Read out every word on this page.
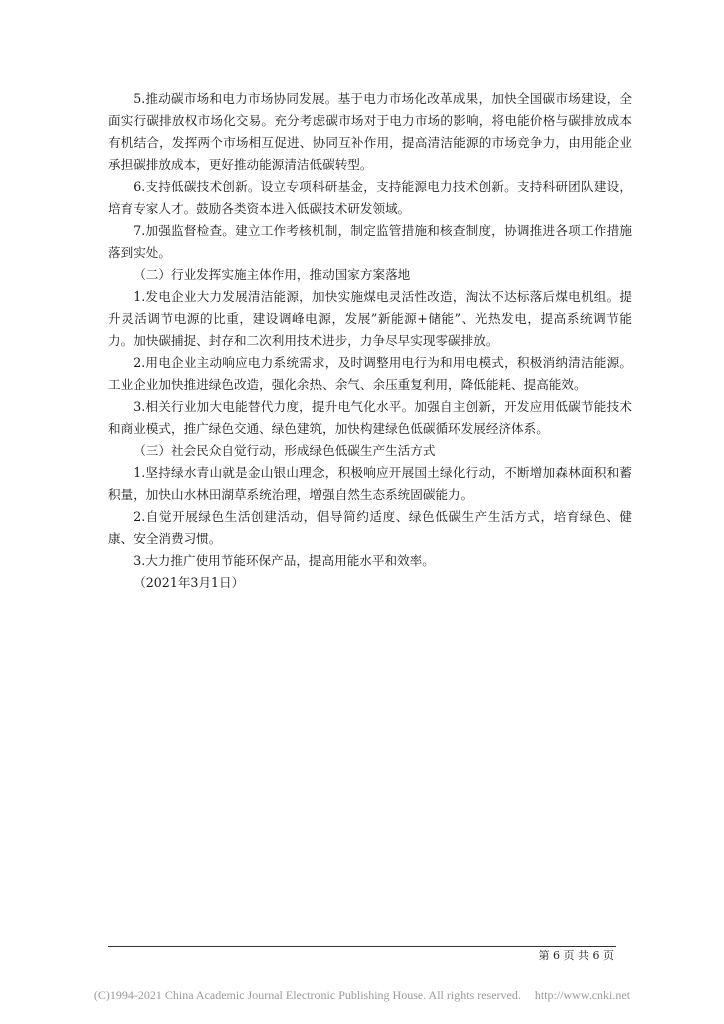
5.推动碳市场和电力市场协同发展。基于电力市场化改革成果，加快全国碳市场建设，全面实行碳排放权市场化交易。充分考虑碳市场对于电力市场的影响，将电能价格与碳排放成本有机结合，发挥两个市场相互促进、协同互补作用，提高清洁能源的市场竞争力，由用能企业承担碳排放成本，更好推动能源清洁低碳转型。

6.支持低碳技术创新。设立专项科研基金，支持能源电力技术创新。支持科研团队建设，培育专家人才。鼓励各类资本进入低碳技术研发领域。

7.加强监督检查。建立工作考核机制，制定监管措施和核查制度，协调推进各项工作措施落到实处。

（二）行业发挥实施主体作用，推动国家方案落地

1.发电企业大力发展清洁能源，加快实施煤电灵活性改造，淘汰不达标落后煤电机组。提升灵活调节电源的比重，建设调峰电源，发展”新能源+储能”、光热发电，提高系统调节能力。加快碳捕捉、封存和二次利用技术进步，力争尽早实现零碳排放。

2.用电企业主动响应电力系统需求，及时调整用电行为和用电模式，积极消纳清洁能源。工业企业加快推进绿色改造，强化余热、余气、余压重复利用，降低能耗、提高能效。

3.相关行业加大电能替代力度，提升电气化水平。加强自主创新，开发应用低碳节能技术和商业模式，推广绿色交通、绿色建筑，加快构建绿色低碳循环发展经济体系。

（三）社会民众自觉行动，形成绿色低碳生产生活方式

1.坚持绿水青山就是金山银山理念，积极响应开展国土绿化行动，不断增加森林面积和蓄积量，加快山水林田湖草系统治理，增强自然生态系统固碳能力。

2.自觉开展绿色生活创建活动，倡导简约适度、绿色低碳生产生活方式，培育绿色、健康、安全消费习惯。

3.大力推广使用节能环保产品，提高用能水平和效率。

（2021年3月1日）

第 6 页 共 6 页
(C)1994-2021 China Academic Journal Electronic Publishing House. All rights reserved. http://www.cnki.net
